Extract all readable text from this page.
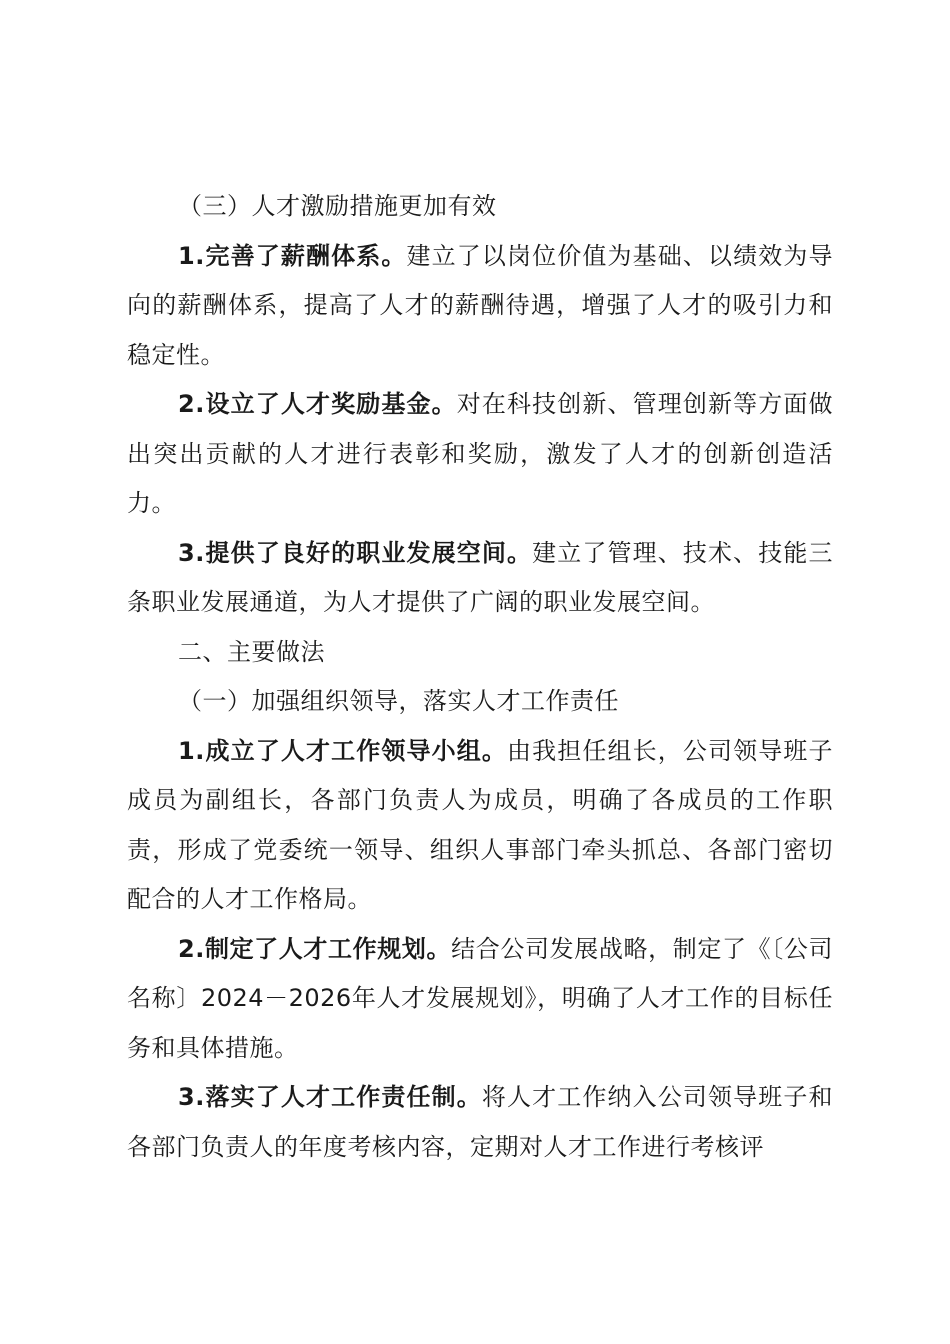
（三）人才激励措施更加有效

1.完善了薪酬体系。建立了以岗位价值为基础、以绩效为导向的薪酬体系，提高了人才的薪酬待遇，增强了人才的吸引力和稳定性。

2.设立了人才奖励基金。对在科技创新、管理创新等方面做出突出贡献的人才进行表彰和奖励，激发了人才的创新创造活力。

3.提供了良好的职业发展空间。建立了管理、技术、技能三条职业发展通道，为人才提供了广阔的职业发展空间。

二、主要做法

（一）加强组织领导，落实人才工作责任

1.成立了人才工作领导小组。由我担任组长，公司领导班子成员为副组长，各部门负责人为成员，明确了各成员的工作职责，形成了党委统一领导、组织人事部门牵头抓总、各部门密切配合的人才工作格局。

2.制定了人才工作规划。结合公司发展战略，制定了《〔公司名称〕2024－2026年人才发展规划》，明确了人才工作的目标任务和具体措施。

3.落实了人才工作责任制。将人才工作纳入公司领导班子和各部门负责人的年度考核内容，定期对人才工作进行考核评
